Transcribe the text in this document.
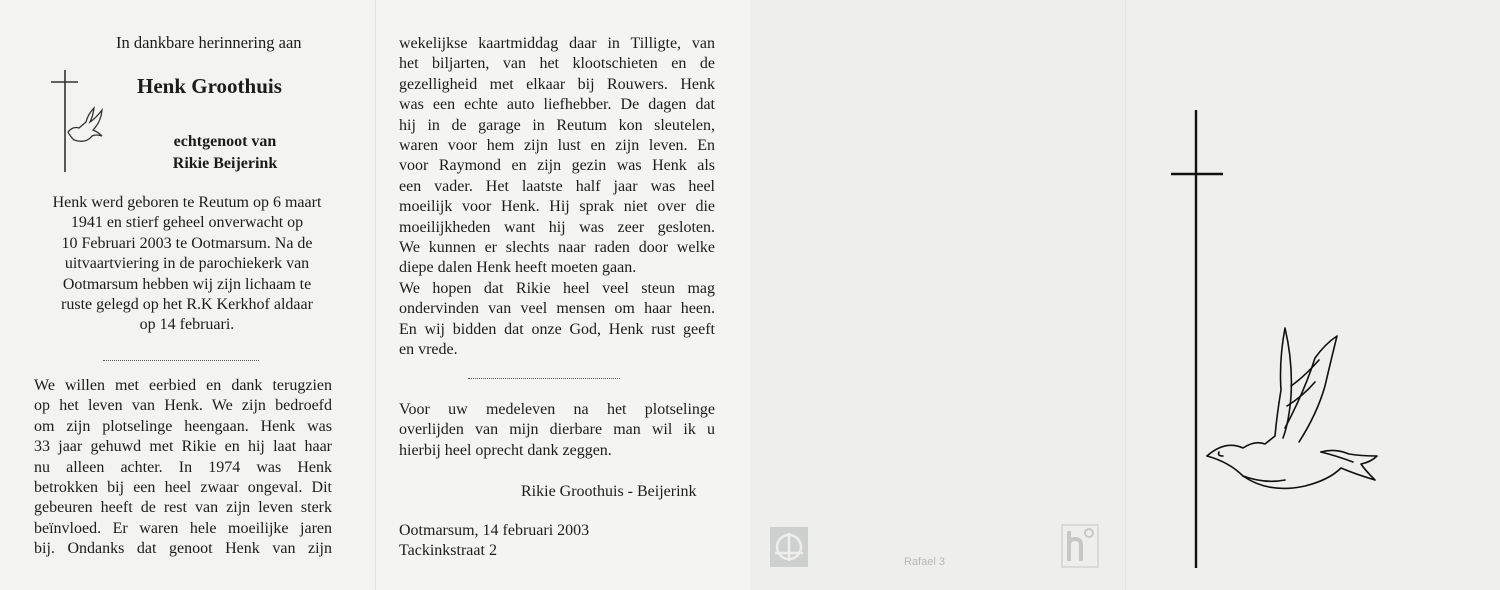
In dankbare herinnering aan
Henk Groothuis
echtgenoot van
Rikie Beijerink
Henk werd geboren te Reutum op 6 maart
1941 en stierf geheel onverwacht op
10 Februari 2003 te Ootmarsum. Na de
uitvaartviering in de parochiekerk van
Ootmarsum hebben wij zijn lichaam te
ruste gelegd op het R.K Kerkhof aldaar
op 14 februari.
We willen met eerbied en dank terugzien
op het leven van Henk. We zijn bedroefd
om zijn plotselinge heengaan. Henk was
33 jaar gehuwd met Rikie en hij laat haar
nu alleen achter. In 1974 was Henk
betrokken bij een heel zwaar ongeval. Dit
gebeuren heeft de rest van zijn leven sterk
beïnvloed. Er waren hele moeilijke jaren
bij. Ondanks dat genoot Henk van zijn
wekelijkse kaartmiddag daar in Tilligte, van
het biljarten, van het klootschieten en de
gezelligheid met elkaar bij Rouwers. Henk
was een echte auto liefhebber. De dagen dat
hij in de garage in Reutum kon sleutelen,
waren voor hem zijn lust en zijn leven. En
voor Raymond en zijn gezin was Henk als
een vader. Het laatste half jaar was heel
moeilijk voor Henk. Hij sprak niet over die
moeilijkheden want hij was zeer gesloten.
We kunnen er slechts naar raden door welke
diepe dalen Henk heeft moeten gaan.
We hopen dat Rikie heel veel steun mag
ondervinden van veel mensen om haar heen.
En wij bidden dat onze God, Henk rust geeft
en vrede.
Voor uw medeleven na het plotselinge
overlijden van mijn dierbare man wil ik u
hierbij heel oprecht dank zeggen.
Rikie Groothuis - Beijerink
Ootmarsum, 14 februari 2003
Tackinkstraat 2
Rafael 3
